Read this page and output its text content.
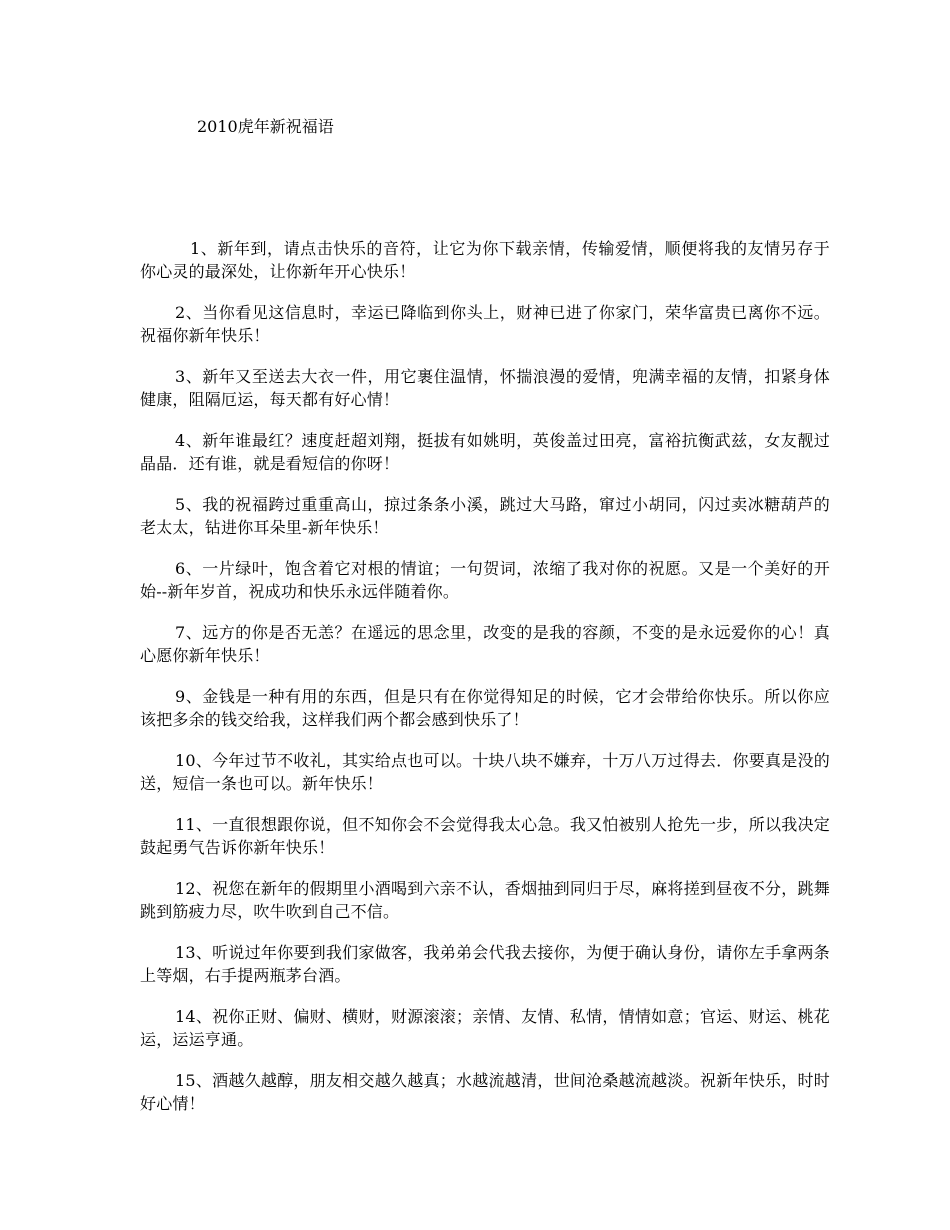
2010虎年新祝福语
1、新年到，请点击快乐的音符，让它为你下载亲情，传输爱情，顺便将我的友情另存于你心灵的最深处，让你新年开心快乐！
2、当你看见这信息时，幸运已降临到你头上，财神已进了你家门，荣华富贵已离你不远。祝福你新年快乐！
3、新年又至送去大衣一件，用它裹住温情，怀揣浪漫的爱情，兜满幸福的友情，扣紧身体健康，阻隔厄运，每天都有好心情！
4、新年谁最红？速度赶超刘翔，挺拔有如姚明，英俊盖过田亮，富裕抗衡武兹，女友靓过晶晶．还有谁，就是看短信的你呀！
5、我的祝福跨过重重高山，掠过条条小溪，跳过大马路，窜过小胡同，闪过卖冰糖葫芦的老太太，钻进你耳朵里-新年快乐！
6、一片绿叶，饱含着它对根的情谊；一句贺词，浓缩了我对你的祝愿。又是一个美好的开始--新年岁首，祝成功和快乐永远伴随着你。
7、远方的你是否无恙？在遥远的思念里，改变的是我的容颜，不变的是永远爱你的心！真心愿你新年快乐！
9、金钱是一种有用的东西，但是只有在你觉得知足的时候，它才会带给你快乐。所以你应该把多余的钱交给我，这样我们两个都会感到快乐了！
10、今年过节不收礼，其实给点也可以。十块八块不嫌弃，十万八万过得去．你要真是没的送，短信一条也可以。新年快乐！
11、一直很想跟你说，但不知你会不会觉得我太心急。我又怕被别人抢先一步，所以我决定鼓起勇气告诉你新年快乐！
12、祝您在新年的假期里小酒喝到六亲不认，香烟抽到同归于尽，麻将搓到昼夜不分，跳舞跳到筋疲力尽，吹牛吹到自己不信。
13、听说过年你要到我们家做客，我弟弟会代我去接你，为便于确认身份，请你左手拿两条上等烟，右手提两瓶茅台酒。
14、祝你正财、偏财、横财，财源滚滚；亲情、友情、私情，情情如意；官运、财运、桃花运，运运亨通。
15、酒越久越醇，朋友相交越久越真；水越流越清，世间沧桑越流越淡。祝新年快乐，时时好心情！
